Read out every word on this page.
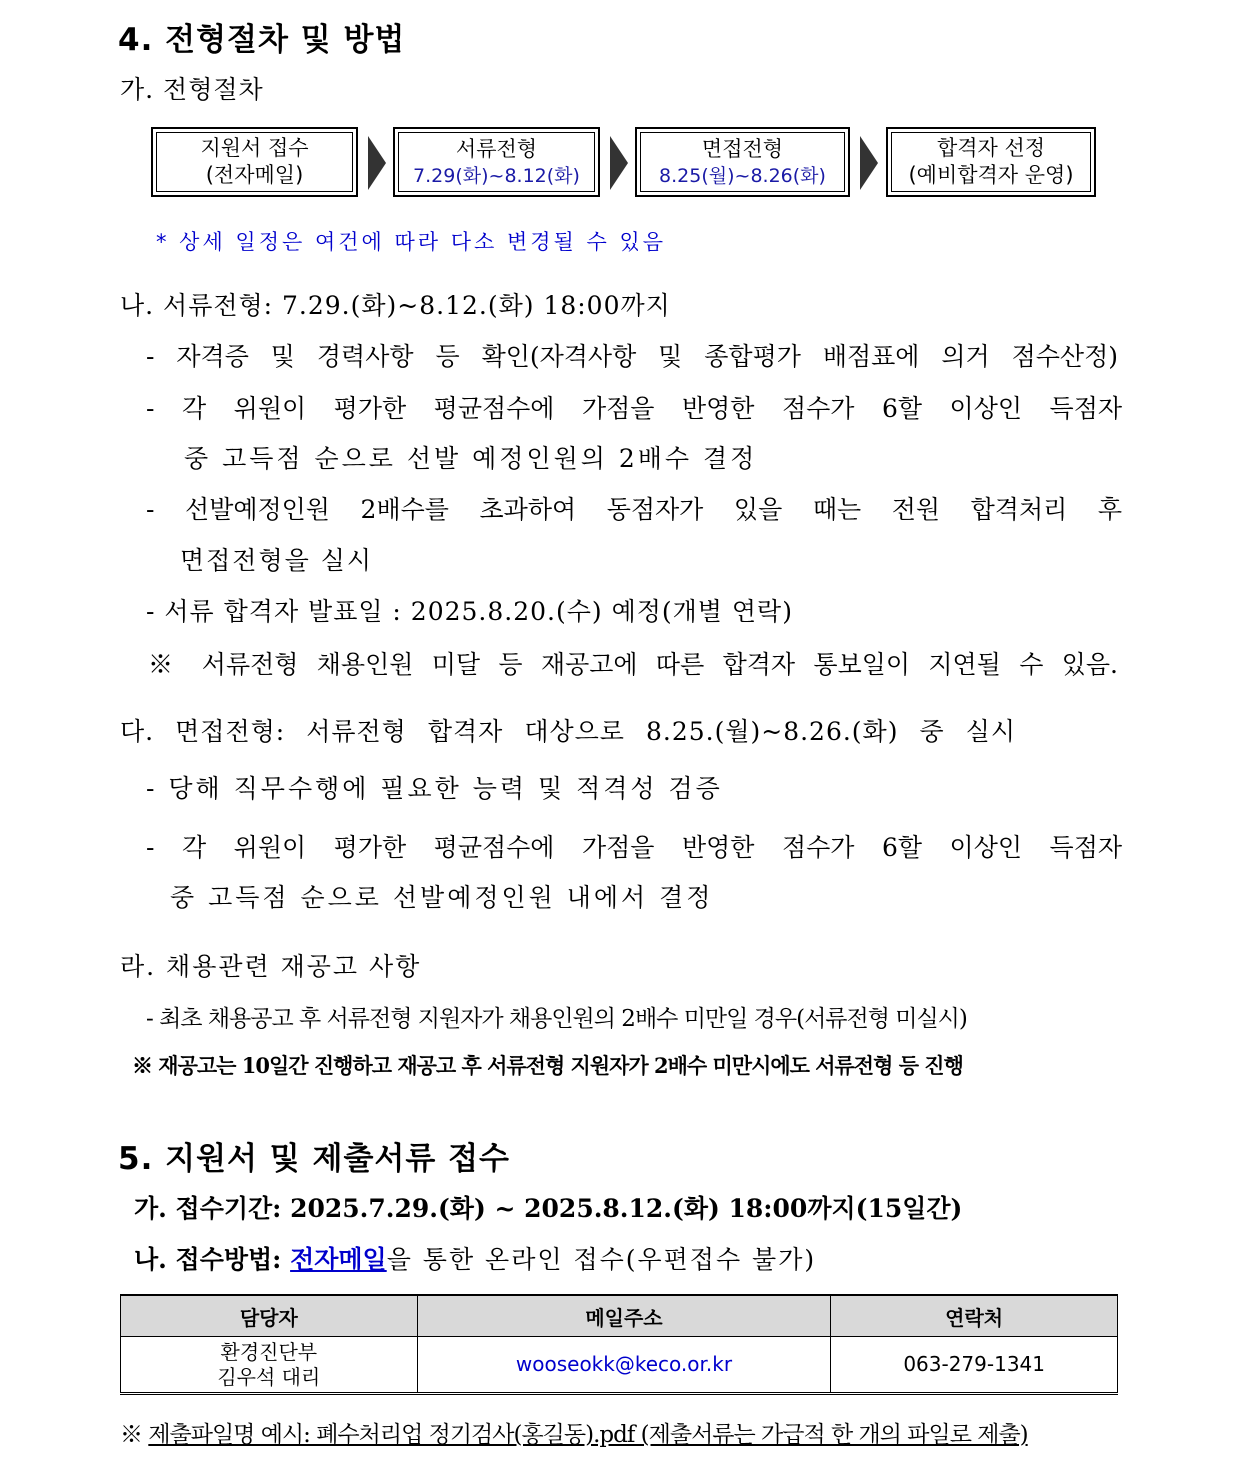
4. 전형절차 및 방법
가. 전형절차
지원서 접수
(전자메일)
서류전형
7.29(화)~8.12(화)
면접전형
8.25(월)~8.26(화)
합격자 선정
(예비합격자 운영)
* 상세 일정은 여건에 따라 다소 변경될 수 있음
나. 서류전형: 7.29.(화)~8.12.(화) 18:00까지
- 자격증 및 경력사항 등 확인(자격사항 및 종합평가 배점표에 의거 점수산정)
- 각 위원이 평가한 평균점수에 가점을 반영한 점수가 6할 이상인 득점자
중 고득점 순으로 선발 예정인원의 2배수 결정
- 선발예정인원 2배수를 초과하여 동점자가 있을 때는 전원 합격처리 후
면접전형을 실시
- 서류 합격자 발표일 : 2025.8.20.(수) 예정(개별 연락)
※ 서류전형 채용인원 미달 등 재공고에 따른 합격자 통보일이 지연될 수 있음.
다. 면접전형: 서류전형 합격자 대상으로 8.25.(월)~8.26.(화) 중 실시
- 당해 직무수행에 필요한 능력 및 적격성 검증
- 각 위원이 평가한 평균점수에 가점을 반영한 점수가 6할 이상인 득점자
중 고득점 순으로 선발예정인원 내에서 결정
라. 채용관련 재공고 사항
- 최초 채용공고 후 서류전형 지원자가 채용인원의 2배수 미만일 경우(서류전형 미실시)
※ 재공고는 10일간 진행하고 재공고 후 서류전형 지원자가 2배수 미만시에도 서류전형 등 진행
5. 지원서 및 제출서류 접수
가. 접수기간: 2025.7.29.(화) ~ 2025.8.12.(화) 18:00까지(15일간)
나. 접수방법: 전자메일을 통한 온라인 접수(우편접수 불가)
담당자	메일주소	연락처

환경진단부
김우석 대리	wooseokk@keco.or.kr	063-279-1341
※ 제출파일명 예시: 폐수처리업 정기검사(홍길동).pdf (제출서류는 가급적 한 개의 파일로 제출)
